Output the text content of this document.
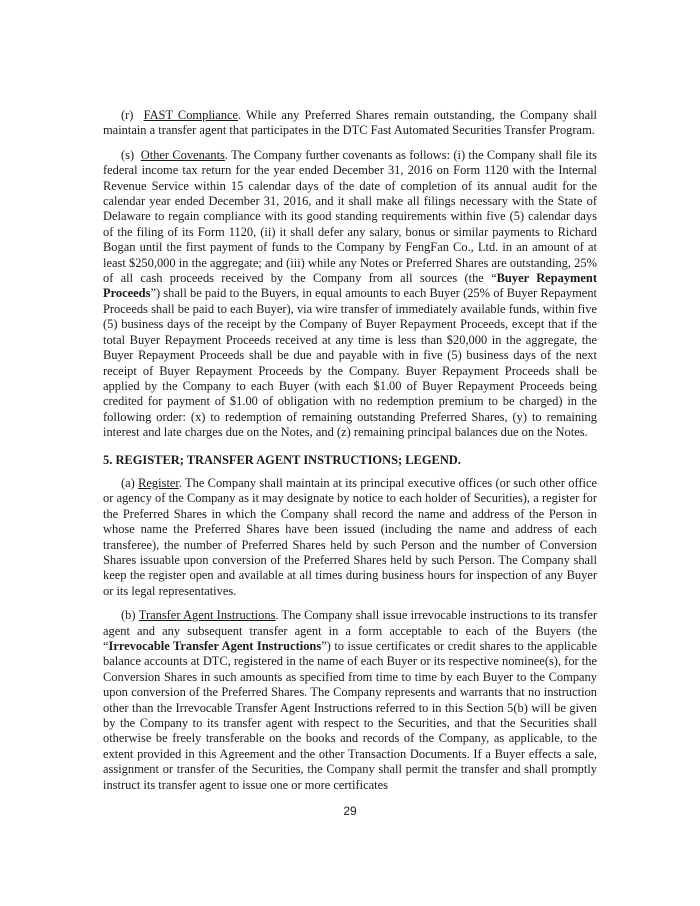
(r) FAST Compliance. While any Preferred Shares remain outstanding, the Company shall maintain a transfer agent that participates in the DTC Fast Automated Securities Transfer Program.

(s) Other Covenants. The Company further covenants as follows: (i) the Company shall file its federal income tax return for the year ended December 31, 2016 on Form 1120 with the Internal Revenue Service within 15 calendar days of the date of completion of its annual audit for the calendar year ended December 31, 2016, and it shall make all filings necessary with the State of Delaware to regain compliance with its good standing requirements within five (5) calendar days of the filing of its Form 1120, (ii) it shall defer any salary, bonus or similar payments to Richard Bogan until the first payment of funds to the Company by FengFan Co., Ltd. in an amount of at least $250,000 in the aggregate; and (iii) while any Notes or Preferred Shares are outstanding, 25% of all cash proceeds received by the Company from all sources (the “Buyer Repayment Proceeds”) shall be paid to the Buyers, in equal amounts to each Buyer (25% of Buyer Repayment Proceeds shall be paid to each Buyer), via wire transfer of immediately available funds, within five (5) business days of the receipt by the Company of Buyer Repayment Proceeds, except that if the total Buyer Repayment Proceeds received at any time is less than $20,000 in the aggregate, the Buyer Repayment Proceeds shall be due and payable with in five (5) business days of the next receipt of Buyer Repayment Proceeds by the Company. Buyer Repayment Proceeds shall be applied by the Company to each Buyer (with each $1.00 of Buyer Repayment Proceeds being credited for payment of $1.00 of obligation with no redemption premium to be charged) in the following order: (x) to redemption of remaining outstanding Preferred Shares, (y) to remaining interest and late charges due on the Notes, and (z) remaining principal balances due on the Notes.

5. REGISTER; TRANSFER AGENT INSTRUCTIONS; LEGEND.

(a) Register. The Company shall maintain at its principal executive offices (or such other office or agency of the Company as it may designate by notice to each holder of Securities), a register for the Preferred Shares in which the Company shall record the name and address of the Person in whose name the Preferred Shares have been issued (including the name and address of each transferee), the number of Preferred Shares held by such Person and the number of Conversion Shares issuable upon conversion of the Preferred Shares held by such Person. The Company shall keep the register open and available at all times during business hours for inspection of any Buyer or its legal representatives.

(b) Transfer Agent Instructions. The Company shall issue irrevocable instructions to its transfer agent and any subsequent transfer agent in a form acceptable to each of the Buyers (the “Irrevocable Transfer Agent Instructions”) to issue certificates or credit shares to the applicable balance accounts at DTC, registered in the name of each Buyer or its respective nominee(s), for the Conversion Shares in such amounts as specified from time to time by each Buyer to the Company upon conversion of the Preferred Shares. The Company represents and warrants that no instruction other than the Irrevocable Transfer Agent Instructions referred to in this Section 5(b) will be given by the Company to its transfer agent with respect to the Securities, and that the Securities shall otherwise be freely transferable on the books and records of the Company, as applicable, to the extent provided in this Agreement and the other Transaction Documents. If a Buyer effects a sale, assignment or transfer of the Securities, the Company shall permit the transfer and shall promptly instruct its transfer agent to issue one or more certificates

29
